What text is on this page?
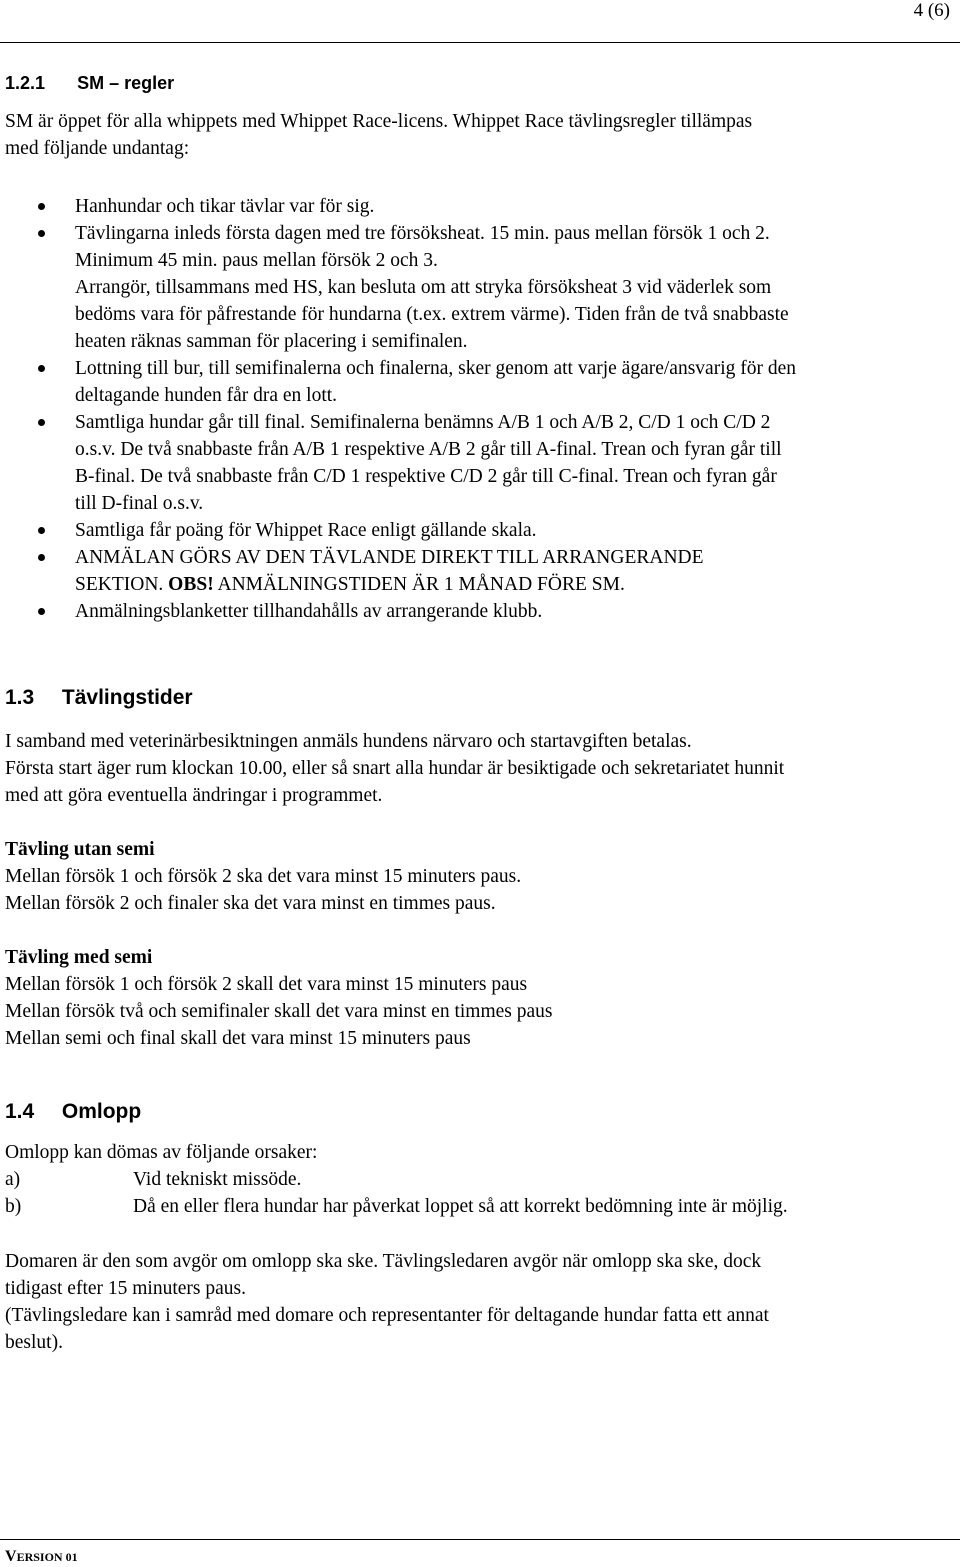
4 (6)
1.2.1 SM – regler
SM är öppet för alla whippets med Whippet Race-licens. Whippet Race tävlingsregler tillämpas
med följande undantag:
Hanhundar och tikar tävlar var för sig.
Tävlingarna inleds första dagen med tre försöksheat. 15 min. paus mellan försök 1 och 2.
Minimum 45 min. paus mellan försök 2 och 3.
Arrangör, tillsammans med HS, kan besluta om att stryka försöksheat 3 vid väderlek som
bedöms vara för påfrestande för hundarna (t.ex. extrem värme). Tiden från de två snabbaste
heaten räknas samman för placering i semifinalen.
Lottning till bur, till semifinalerna och finalerna, sker genom att varje ägare/ansvarig för den
deltagande hunden får dra en lott.
Samtliga hundar går till final. Semifinalerna benämns A/B 1 och A/B 2, C/D 1 och C/D 2
o.s.v. De två snabbaste från A/B 1 respektive A/B 2 går till A-final. Trean och fyran går till
B-final. De två snabbaste från C/D 1 respektive C/D 2 går till C-final. Trean och fyran går
till D-final o.s.v.
Samtliga får poäng för Whippet Race enligt gällande skala.
ANMÄLAN GÖRS AV DEN TÄVLANDE DIREKT TILL ARRANGERANDE
SEKTION. OBS! ANMÄLNINGSTIDEN ÄR 1 MÅNAD FÖRE SM.
Anmälningsblanketter tillhandahålls av arrangerande klubb.
1.3 Tävlingstider
I samband med veterinärbesiktningen anmäls hundens närvaro och startavgiften betalas.
Första start äger rum klockan 10.00, eller så snart alla hundar är besiktigade och sekretariatet hunnit
med att göra eventuella ändringar i programmet.
Tävling utan semi
Mellan försök 1 och försök 2 ska det vara minst 15 minuters paus.
Mellan försök 2 och finaler ska det vara minst en timmes paus.
Tävling med semi
Mellan försök 1 och försök 2 skall det vara minst 15 minuters paus
Mellan försök två och semifinaler skall det vara minst en timmes paus
Mellan semi och final skall det vara minst 15 minuters paus
1.4 Omlopp
Omlopp kan dömas av följande orsaker:
a)	Vid tekniskt missöde.
b)	Då en eller flera hundar har påverkat loppet så att korrekt bedömning inte är möjlig.
Domaren är den som avgör om omlopp ska ske. Tävlingsledaren avgör när omlopp ska ske, dock
tidigast efter 15 minuters paus.
(Tävlingsledare kan i samråd med domare och representanter för deltagande hundar fatta ett annat
beslut).
VERSION 01
